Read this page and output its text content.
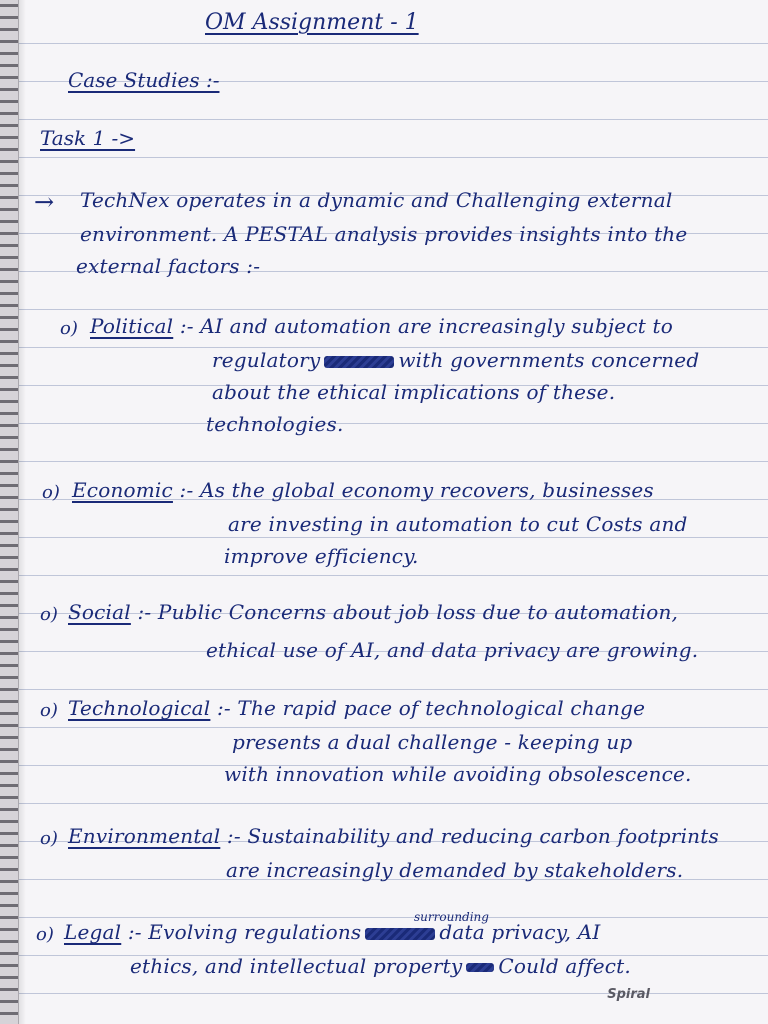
OM Assignment - 1
Case Studies :-
Task 1 ->
→ TechNex operates in a dynamic and Challenging external
environment. A PESTAL analysis provides insights into the
external factors :-
o) Political :- AI and automation are increasingly subject to
regulatory	with governments concerned
about the ethical implications of these.
technologies.
o) Economic :- As the global economy recovers, businesses
are investing in automation to cut Costs and
improve efficiency.
o) Social :- Public Concerns about job loss due to automation,
ethical use of AI, and data privacy are growing.
o) Technological :- The rapid pace of technological change
presents a dual challenge - keeping up
with innovation while avoiding obsolescence.
o) Environmental :- Sustainability and reducing carbon footprints
are increasingly demanded by stakeholders.
surrounding
o) Legal :- Evolving regulations	data privacy, AI
ethics, and intellectual property Could affect.
Spiral
